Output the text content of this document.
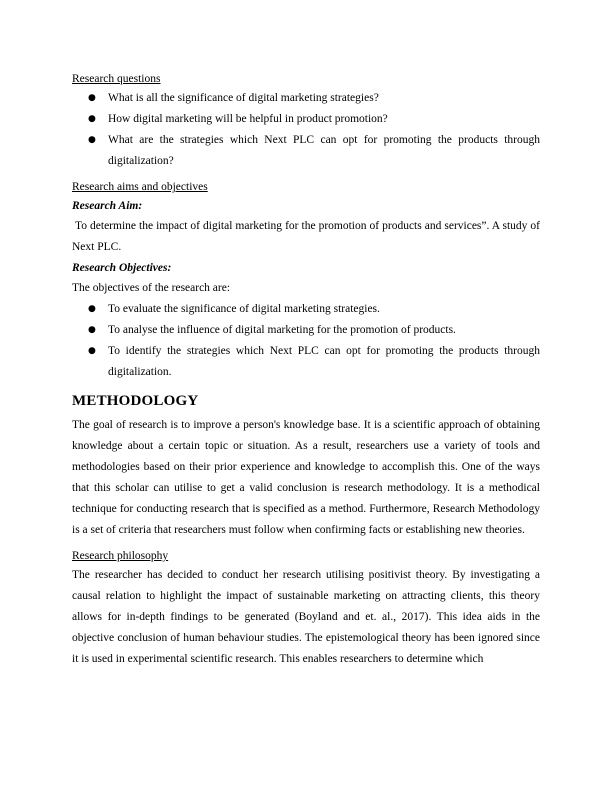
Research questions

● What is all the significance of digital marketing strategies?
● How digital marketing will be helpful in product promotion?
● What are the strategies which Next PLC can opt for promoting the products through digitalization?

Research aims and objectives

Research Aim:

To determine the impact of digital marketing for the promotion of products and services”. A study of Next PLC.

Research Objectives:

The objectives of the research are:

● To evaluate the significance of digital marketing strategies.
● To analyse the influence of digital marketing for the promotion of products.
● To identify the strategies which Next PLC can opt for promoting the products through digitalization.
METHODOLOGY

The goal of research is to improve a person's knowledge base. It is a scientific approach of obtaining knowledge about a certain topic or situation. As a result, researchers use a variety of tools and methodologies based on their prior experience and knowledge to accomplish this. One of the ways that this scholar can utilise to get a valid conclusion is research methodology. It is a methodical technique for conducting research that is specified as a method. Furthermore, Research Methodology is a set of criteria that researchers must follow when confirming facts or establishing new theories.

Research philosophy

The researcher has decided to conduct her research utilising positivist theory. By investigating a causal relation to highlight the impact of sustainable marketing on attracting clients, this theory allows for in-depth findings to be generated (Boyland and et. al., 2017). This idea aids in the objective conclusion of human behaviour studies. The epistemological theory has been ignored since it is used in experimental scientific research. This enables researchers to determine which
